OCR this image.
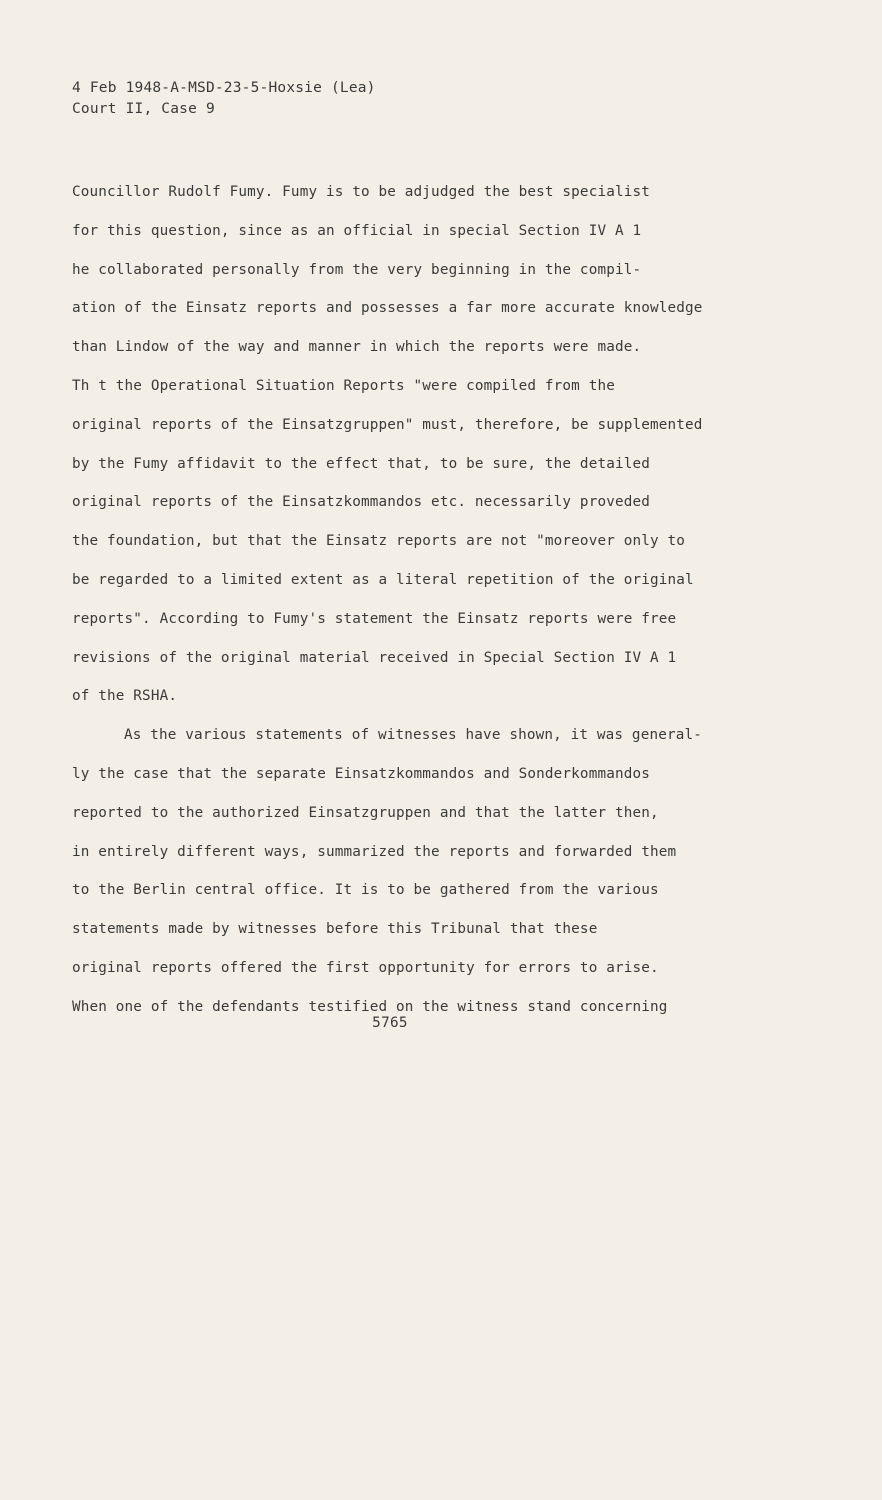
4 Feb 1948-A-MSD-23-5-Hoxsie (Lea)
Court II, Case 9
Councillor Rudolf Fumy. Fumy is to be adjudged the best specialist
for this question, since as an official in special Section IV A 1
he collaborated personally from the very beginning in the compil-
ation of the Einsatz reports and possesses a far more accurate knowledge
than Lindow of the way and manner in which the reports were made.
Th t the Operational Situation Reports "were compiled from the
original reports of the Einsatzgruppen" must, therefore, be supplemented
by the Fumy affidavit to the effect that, to be sure, the detailed
original reports of the Einsatzkommandos etc. necessarily proveded
the foundation, but that the Einsatz reports are not "moreover only to
be regarded to a limited extent as a literal repetition of the original
reports". According to Fumy's statement the Einsatz reports were free
revisions of the original material received in Special Section IV A 1
of the RSHA.
As the various statements of witnesses have shown, it was general-
ly the case that the separate Einsatzkommandos and Sonderkommandos
reported to the authorized Einsatzgruppen and that the latter then,
in entirely different ways, summarized the reports and forwarded them
to the Berlin central office. It is to be gathered from the various
statements made by witnesses before this Tribunal that these
original reports offered the first opportunity for errors to arise.
When one of the defendants testified on the witness stand concerning
5765
